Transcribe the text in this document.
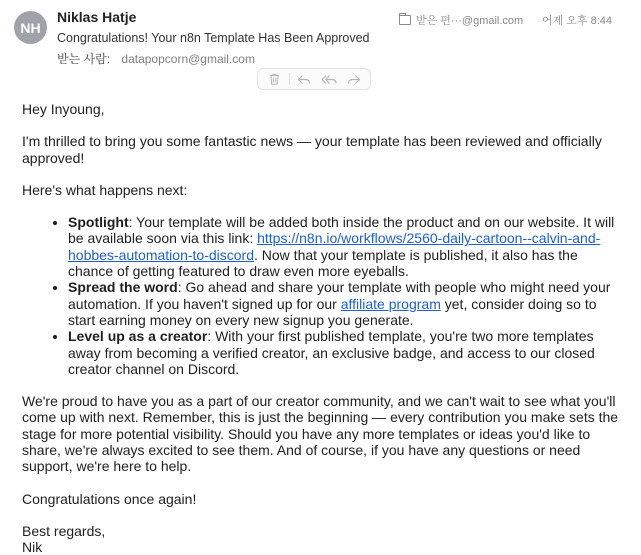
NH
Niklas Hatje
Congratulations! Your n8n Template Has Been Approved
받는 사람: datapopcorn@gmail.com
받은 편···@gmail.com 어제 오후 8:44

Hey Inyoung,

I'm thrilled to bring you some fantastic news — your template has been reviewed and officially approved!

Here's what happens next:

• Spotlight: Your template will be added both inside the product and on our website. It will be available soon via this link: https://n8n.io/workflows/2560-daily-cartoon--calvin-and-hobbes-automation-to-discord. Now that your template is published, it also has the chance of getting featured to draw even more eyeballs.
• Spread the word: Go ahead and share your template with people who might need your automation. If you haven't signed up for our affiliate program yet, consider doing so to start earning money on every new signup you generate.
• Level up as a creator: With your first published template, you're two more templates away from becoming a verified creator, an exclusive badge, and access to our closed creator channel on Discord.

We're proud to have you as a part of our creator community, and we can't wait to see what you'll come up with next. Remember, this is just the beginning — every contribution you make sets the stage for more potential visibility. Should you have any more templates or ideas you'd like to share, we're always excited to see them. And of course, if you have any questions or need support, we're here to help.

Congratulations once again!

Best regards,

Nik
